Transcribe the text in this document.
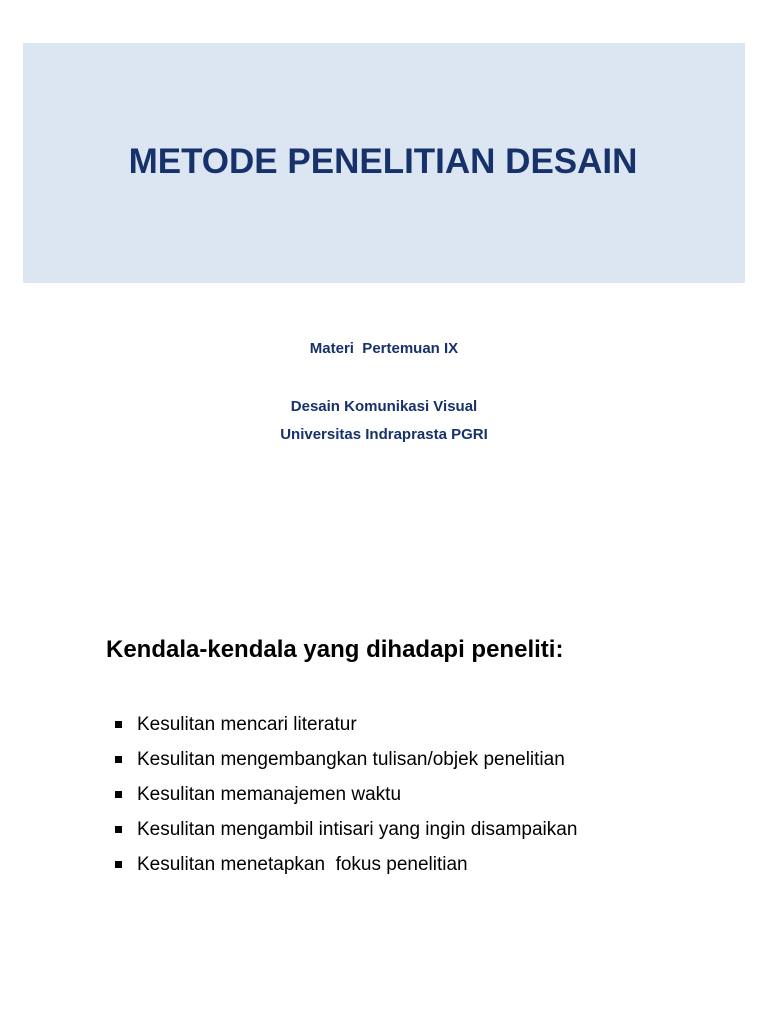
METODE PENELITIAN DESAIN

Materi  Pertemuan IX

Desain Komunikasi Visual

Universitas Indraprasta PGRI

Kendala-kendala yang dihadapi peneliti:
Kesulitan mencari literatur
Kesulitan mengembangkan tulisan/objek penelitian
Kesulitan memanajemen waktu
Kesulitan mengambil intisari yang ingin disampaikan
Kesulitan menetapkan  fokus penelitian
